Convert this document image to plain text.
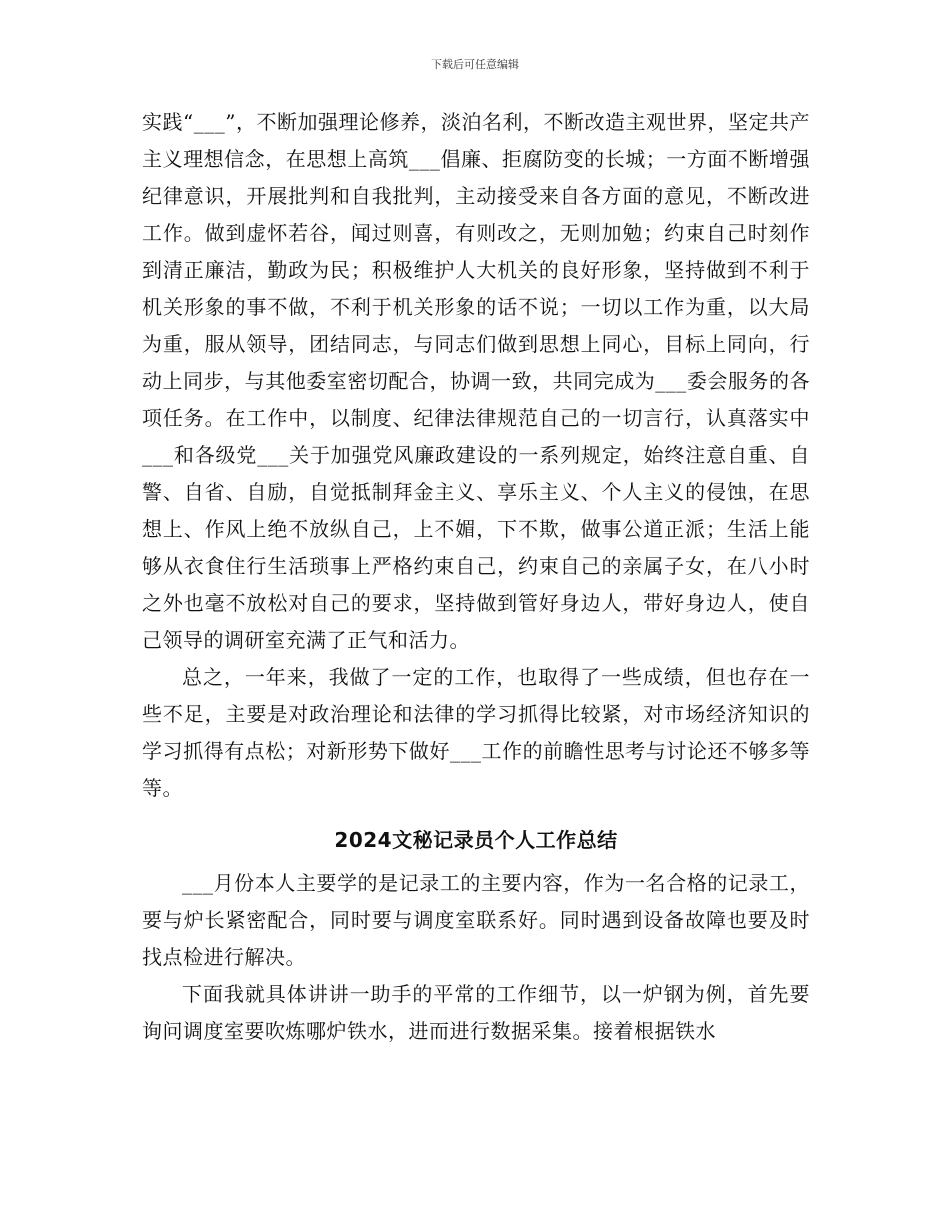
下载后可任意编辑

实践“___”，不断加强理论修养，淡泊名利，不断改造主观世界，坚定共产主义理想信念，在思想上高筑___倡廉、拒腐防变的长城；一方面不断增强纪律意识，开展批判和自我批判，主动接受来自各方面的意见，不断改进工作。做到虚怀若谷，闻过则喜，有则改之，无则加勉；约束自己时刻作到清正廉洁，勤政为民；积极维护人大机关的良好形象，坚持做到不利于机关形象的事不做，不利于机关形象的话不说；一切以工作为重，以大局为重，服从领导，团结同志，与同志们做到思想上同心，目标上同向，行动上同步，与其他委室密切配合，协调一致，共同完成为___委会服务的各项任务。在工作中，以制度、纪律法律规范自己的一切言行，认真落实中___和各级党___关于加强党风廉政建设的一系列规定，始终注意自重、自警、自省、自励，自觉抵制拜金主义、享乐主义、个人主义的侵蚀，在思想上、作风上绝不放纵自己，上不媚，下不欺，做事公道正派；生活上能够从衣食住行生活琐事上严格约束自己，约束自己的亲属子女，在八小时之外也毫不放松对自己的要求，坚持做到管好身边人，带好身边人，使自己领导的调研室充满了正气和活力。

总之，一年来，我做了一定的工作，也取得了一些成绩，但也存在一些不足，主要是对政治理论和法律的学习抓得比较紧，对市场经济知识的学习抓得有点松；对新形势下做好___工作的前瞻性思考与讨论还不够多等等。

2024文秘记录员个人工作总结

___月份本人主要学的是记录工的主要内容，作为一名合格的记录工，要与炉长紧密配合，同时要与调度室联系好。同时遇到设备故障也要及时找点检进行解决。

下面我就具体讲讲一助手的平常的工作细节，以一炉钢为例，首先要询问调度室要吹炼哪炉铁水，进而进行数据采集。接着根据铁水
